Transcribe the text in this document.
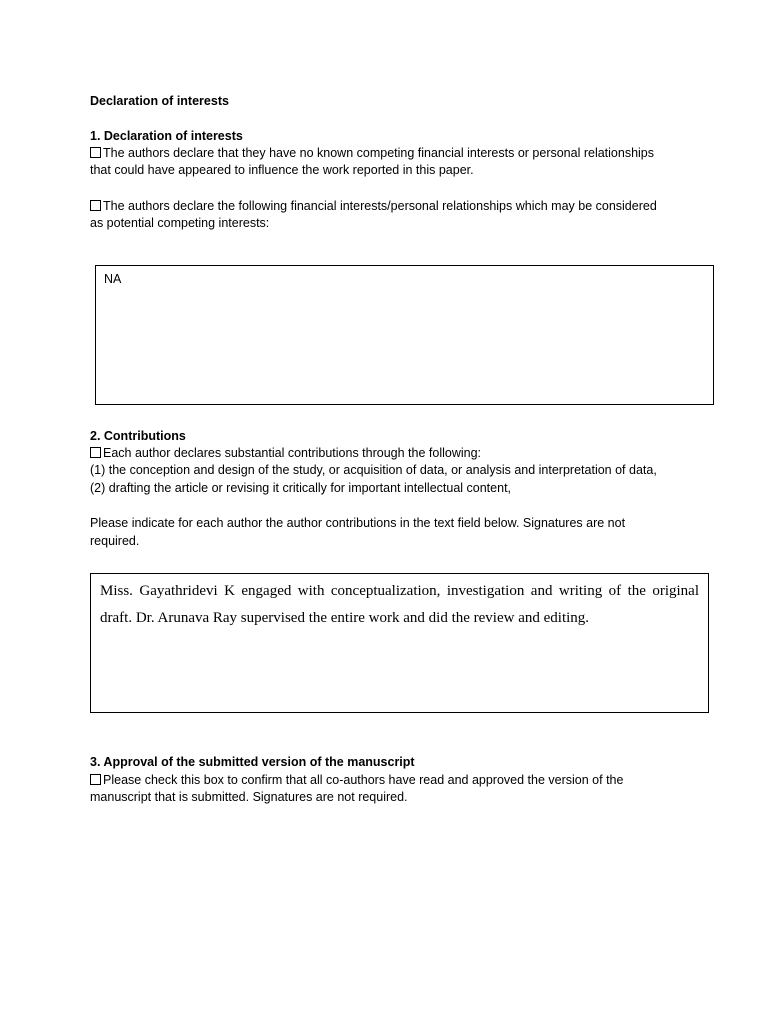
Declaration of interests
1. Declaration of interests
The authors declare that they have no known competing financial interests or personal relationships
that could have appeared to influence the work reported in this paper.
The authors declare the following financial interests/personal relationships which may be considered
as potential competing interests:
NA
2. Contributions
Each author declares substantial contributions through the following:
(1) the conception and design of the study, or acquisition of data, or analysis and interpretation of data,
(2) drafting the article or revising it critically for important intellectual content,
Please indicate for each author the author contributions in the text field below. Signatures are not
required.
Miss. Gayathridevi K engaged with conceptualization, investigation and writing of the original draft. Dr. Arunava Ray supervised the entire work and did the review and editing.
3. Approval of the submitted version of the manuscript
Please check this box to confirm that all co-authors have read and approved the version of the
manuscript that is submitted. Signatures are not required.
